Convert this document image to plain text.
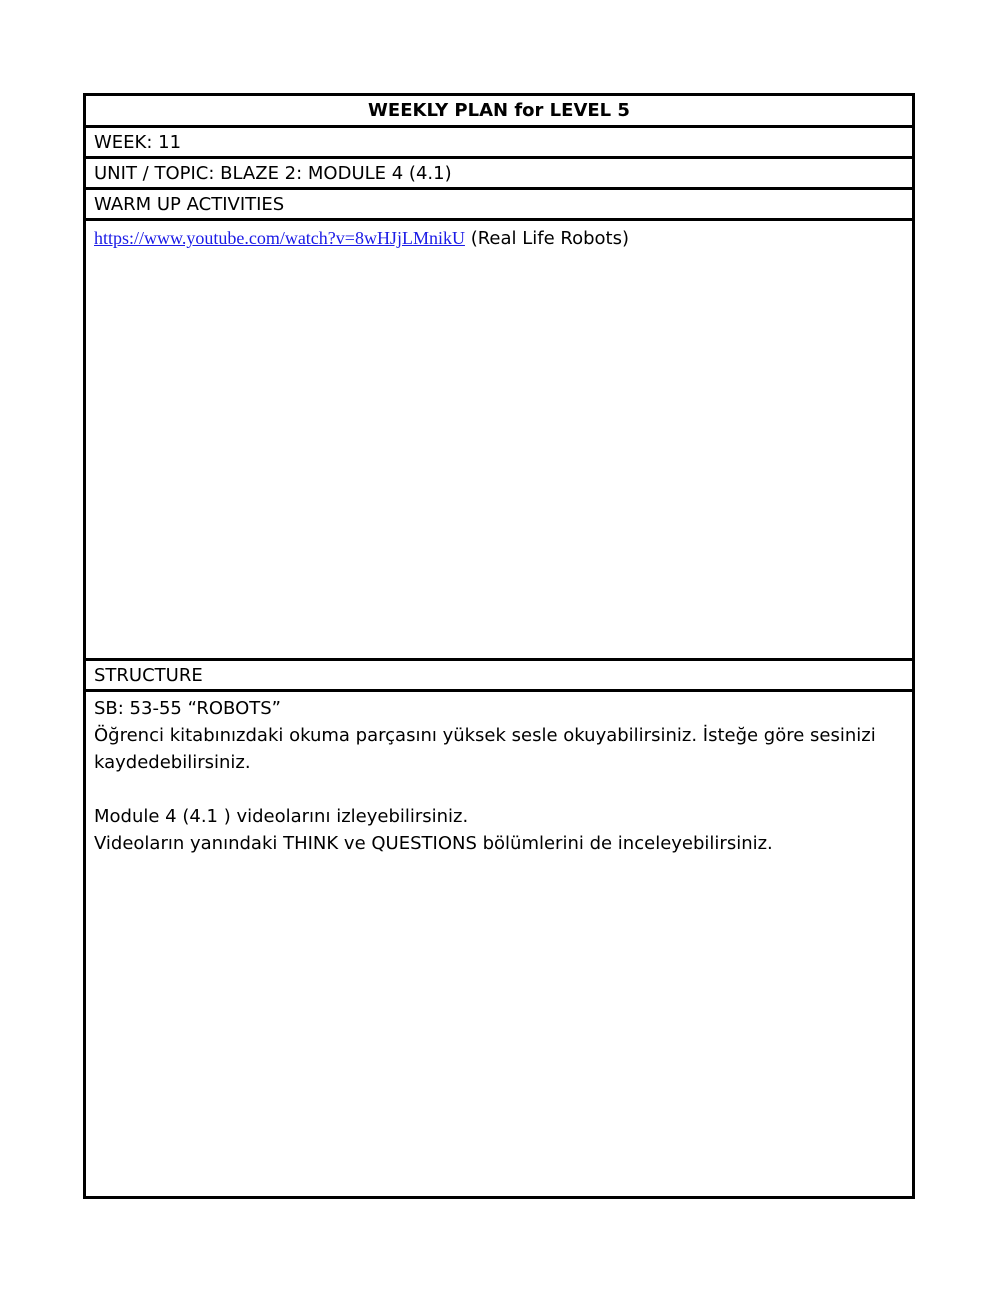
WEEKLY PLAN for LEVEL 5
WEEK: 11
UNIT / TOPIC: BLAZE 2: MODULE 4 (4.1)
WARM UP ACTIVITIES
https://www.youtube.com/watch?v=8wHJjLMnikU (Real Life Robots)
STRUCTURE

SB: 53-55 “ROBOTS”

Öğrenci kitabınızdaki okuma parçasını yüksek sesle okuyabilirsiniz. İsteğe göre sesinizi kaydedebilirsiniz.

Module 4 (4.1 ) videolarını izleyebilirsiniz.

Videoların yanındaki THINK ve QUESTIONS bölümlerini de inceleyebilirsiniz.
